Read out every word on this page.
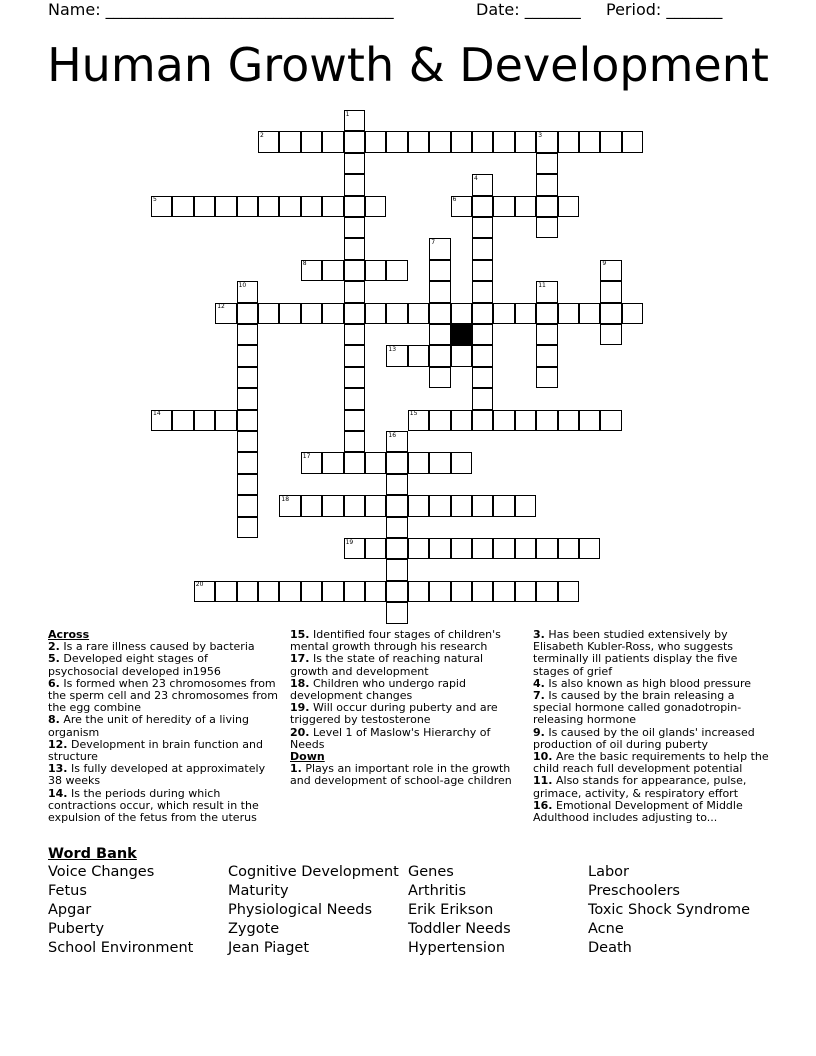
Name: ____________________________________	Date: _______ Period: _______
Human Growth & Development
1
2	3
4
5	6
7
8	9
10	11
12
13
14	15
16
17
18
19
20
Across
2. Is a rare illness caused by bacteria
5. Developed eight stages of psychosocial developed in1956
6. Is formed when 23 chromosomes from the sperm cell and 23 chromosomes from the egg combine
8. Are the unit of heredity of a living organism
12. Development in brain function and structure
13. Is fully developed at approximately 38 weeks
14. Is the periods during which contractions occur, which result in the expulsion of the fetus from the uterus
15. Identified four stages of children's mental growth through his research
17. Is the state of reaching natural growth and development
18. Children who undergo rapid development changes
19. Will occur during puberty and are triggered by testosterone
20. Level 1 of Maslow's Hierarchy of Needs
Down
1. Plays an important role in the growth and development of school-age children
3. Has been studied extensively by Elisabeth Kubler-Ross, who suggests terminally ill patients display the five stages of grief
4. Is also known as high blood pressure
7. Is caused by the brain releasing a special hormone called gonadotropin-releasing hormone
9. Is caused by the oil glands' increased production of oil during puberty
10. Are the basic requirements to help the child reach full development potential
11. Also stands for appearance, pulse, grimace, activity, & respiratory effort
16. Emotional Development of Middle Adulthood includes adjusting to...
Word Bank
Voice Changes
Fetus
Apgar
Puberty
School Environment
Cognitive Development
Maturity
Physiological Needs
Zygote
Jean Piaget
Genes
Arthritis
Erik Erikson
Toddler Needs
Hypertension
Labor
Preschoolers
Toxic Shock Syndrome
Acne
Death
